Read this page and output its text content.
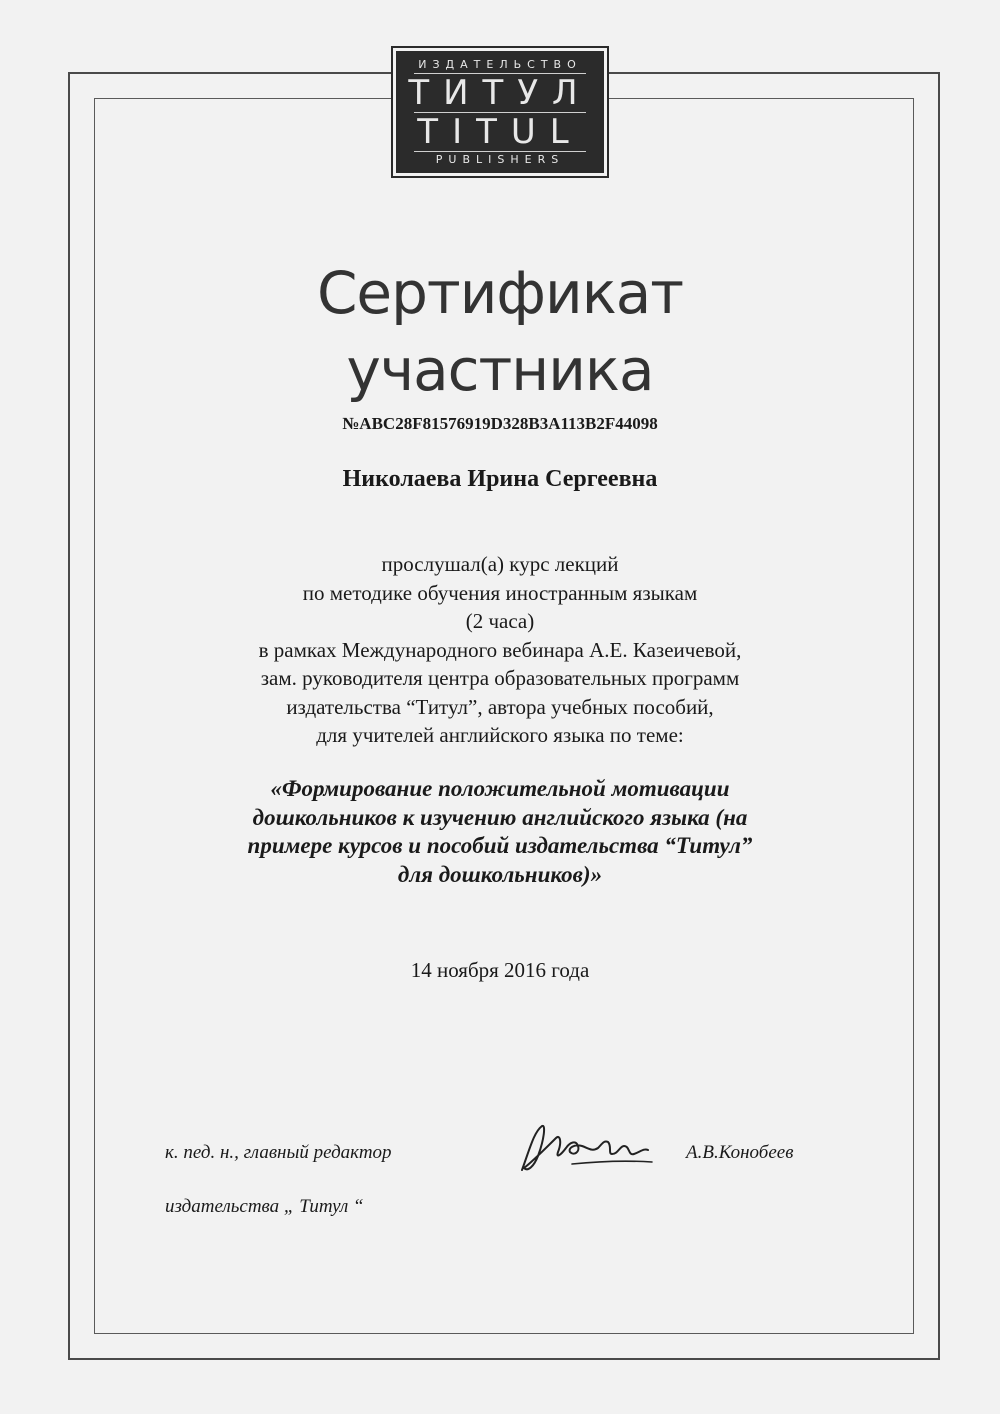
ИЗДАТЕЛЬСТВО
ТИТУЛ
TITUL
PUBLISHERS
Сертификат
участника
№ABC28F81576919D328B3A113B2F44098
Николаева Ирина Сергеевна
прослушал(а) курс лекций
по методике обучения иностранным языкам
(2 часа)
в рамках Международного вебинара А.Е. Казеичевой,
зам. руководителя центра образовательных программ
издательства “Титул”, автора учебных пособий,
для учителей английского языка по теме:
«Формирование положительной мотивации
дошкольников к изучению английского языка (на
примере курсов и пособий издательства “Титул”
для дошкольников)»
14 ноября 2016 года
к. пед. н., главный редактор
издательства „ Титул “
А.В.Конобеев
